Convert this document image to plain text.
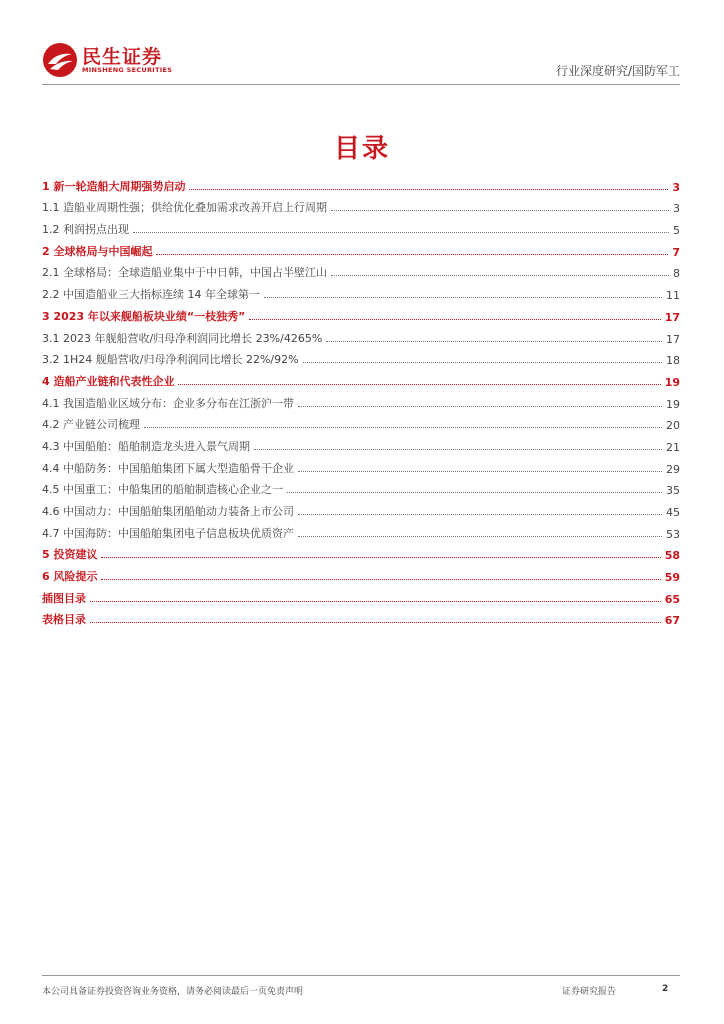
民生证券
MINSHENG SECURITIES	行业深度研究/国防军工
目录
1 新一轮造船大周期强势启动	3
1.1 造船业周期性强；供给优化叠加需求改善开启上行周期	3
1.2 利润拐点出现	5
2 全球格局与中国崛起	7
2.1 全球格局：全球造船业集中于中日韩，中国占半壁江山	8
2.2 中国造船业三大指标连续 14 年全球第一	11
3 2023 年以来舰船板块业绩“一枝独秀”	17
3.1 2023 年舰船营收/归母净利润同比增长 23%/4265%	17
3.2 1H24 舰船营收/归母净利润同比增长 22%/92%	18
4 造船产业链和代表性企业	19
4.1 我国造船业区域分布：企业多分布在江浙沪一带	19
4.2 产业链公司梳理	20
4.3 中国船舶：船舶制造龙头进入景气周期	21
4.4 中船防务：中国船舶集团下属大型造船骨干企业	29
4.5 中国重工：中船集团的船舶制造核心企业之一	35
4.6 中国动力：中国船舶集团船舶动力装备上市公司	45
4.7 中国海防：中国船舶集团电子信息板块优质资产	53
5 投资建议	58
6 风险提示	59
插图目录	65
表格目录	67
本公司具备证券投资咨询业务资格，请务必阅读最后一页免责声明	证券研究报告	2
